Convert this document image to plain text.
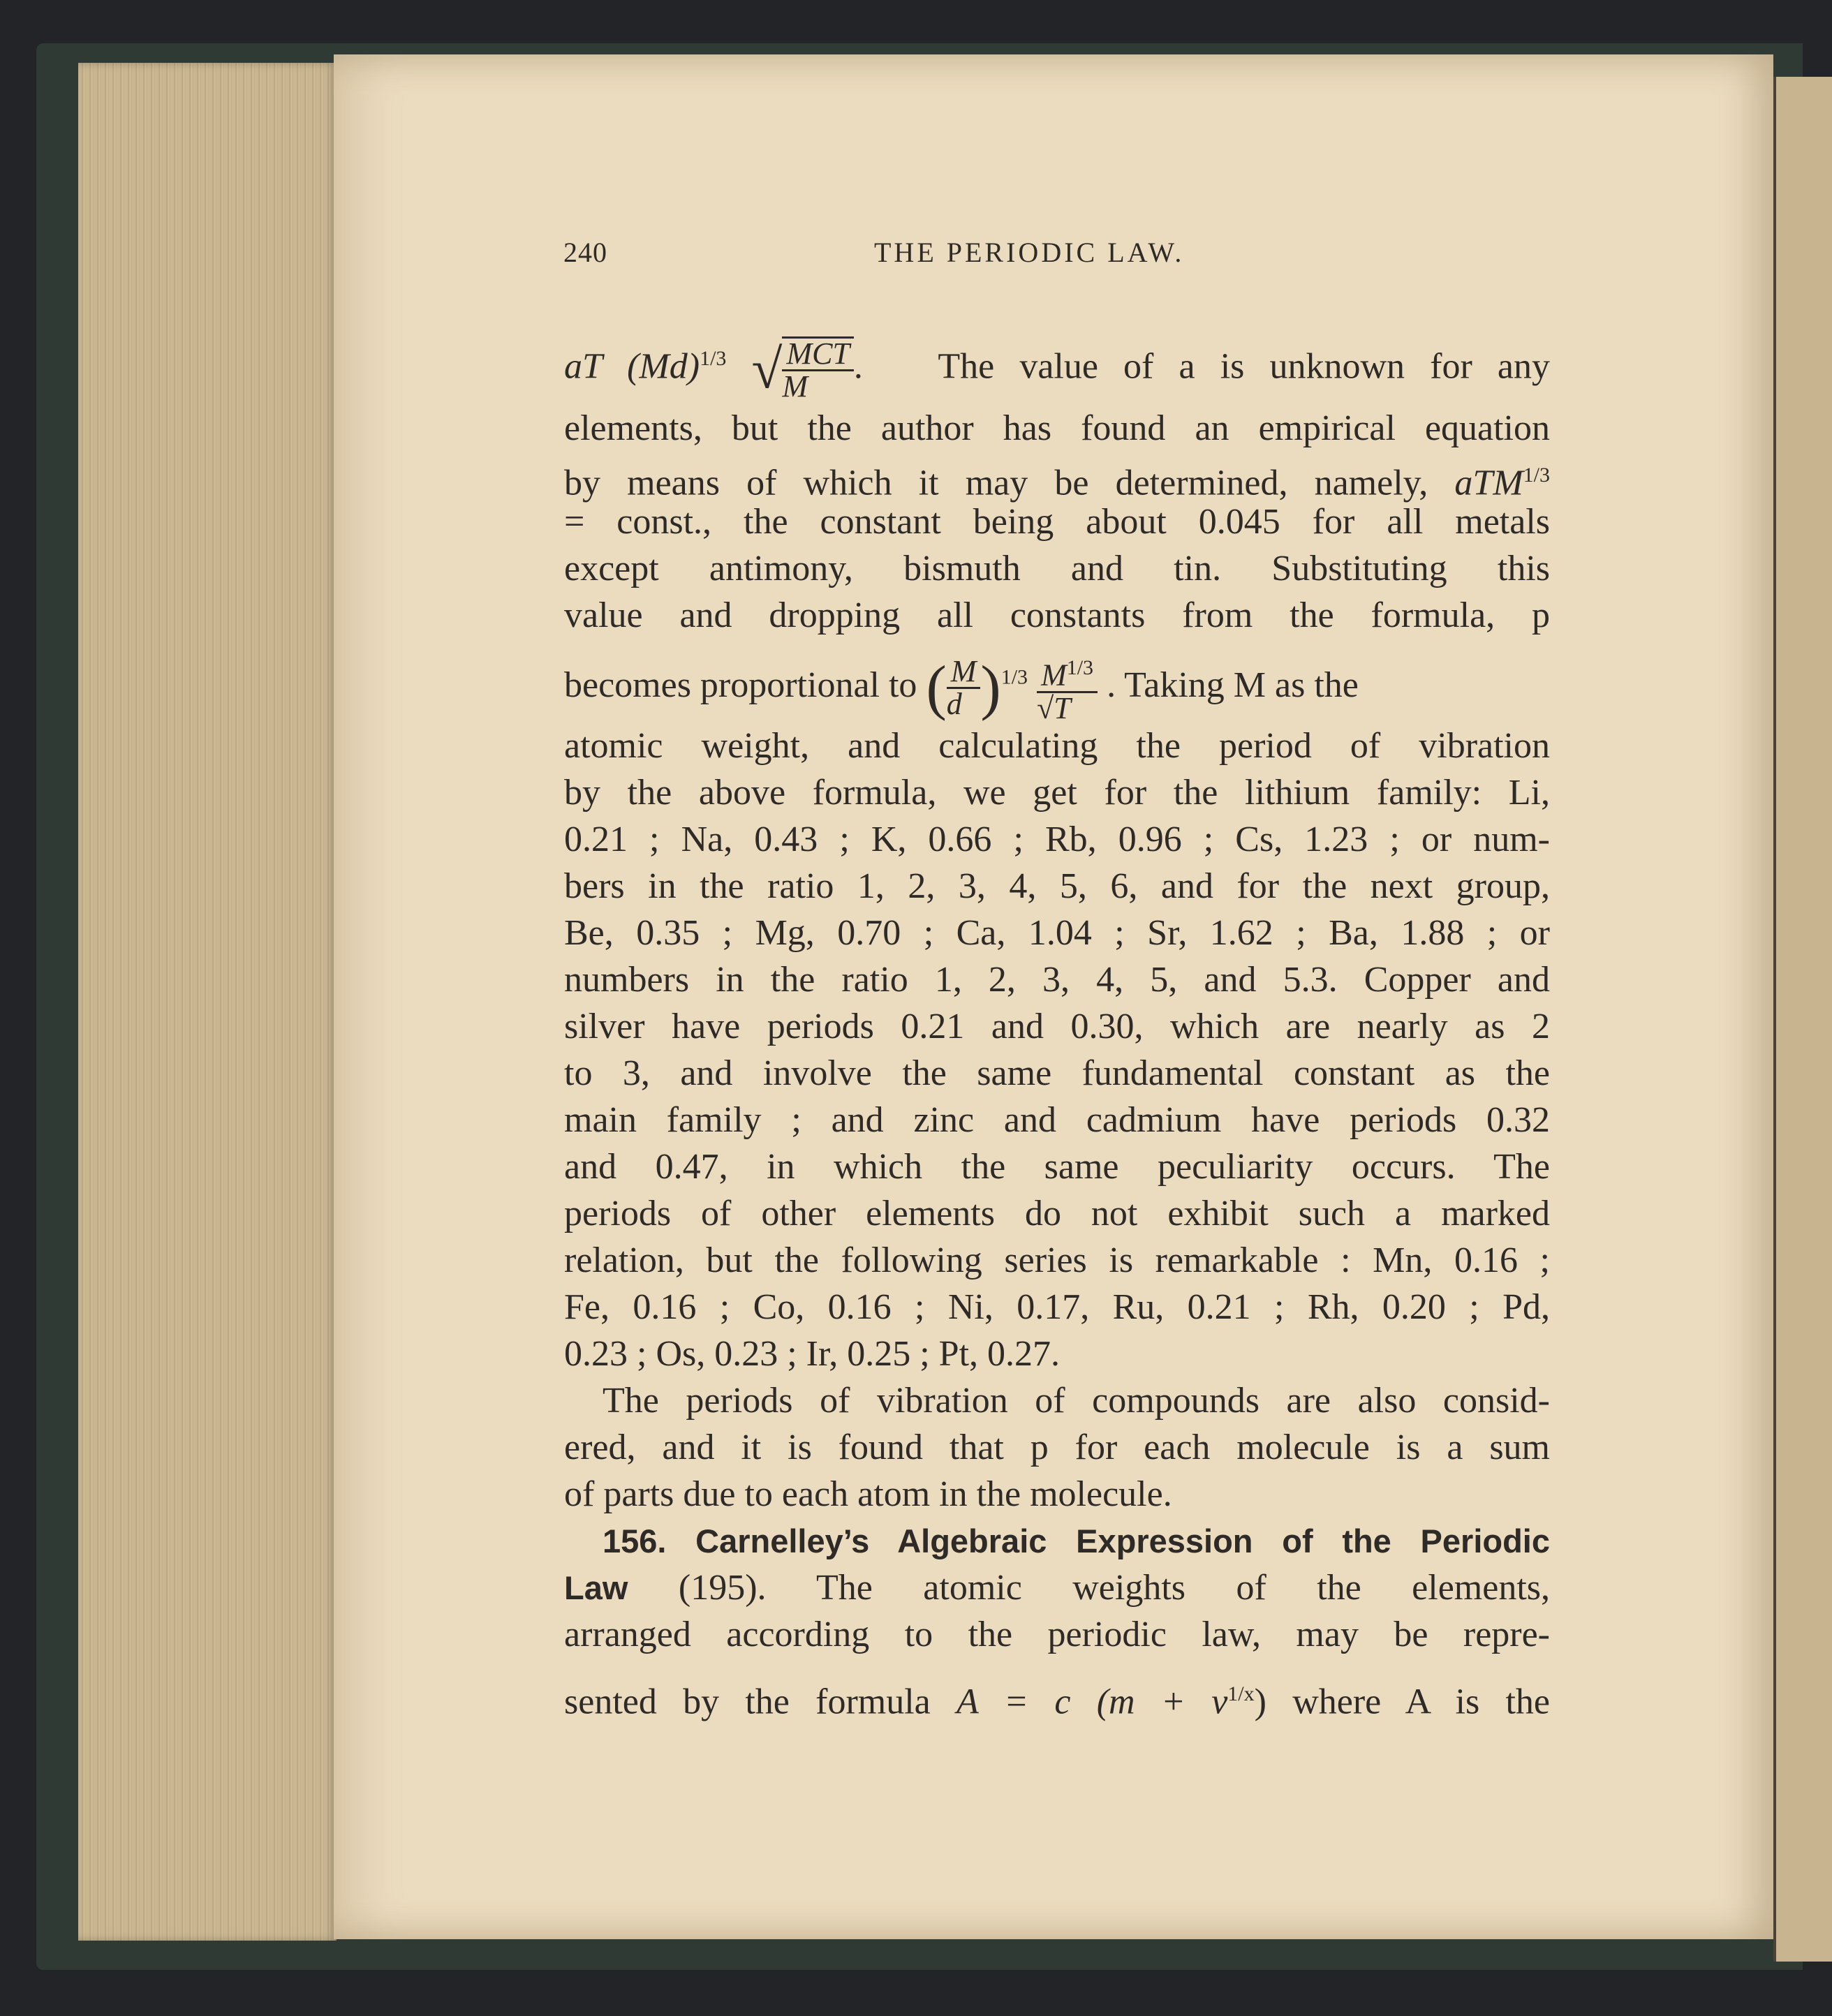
240	THE PERIODIC LAW.
aT $(Md)^{1/3}$ √ MCT
M
.   The value of a is unknown for any
elements, but the author has found an empirical equation
by means of which it may be determined, namely, aTM$^{1/3}$
= const., the constant being about 0.045 for all metals
except antimony, bismuth and tin. Substituting this
value and dropping all constants from the formula, p
becomes proportional to ( $\frac{M}{d} )^{1/3} \frac{M^{1/3}}{√T}$ . Taking M as the
atomic weight, and calculating the period of vibration
by the above formula, we get for the lithium family: Li,
0.21 ; Na, 0.43 ; K, 0.66 ; Rb, 0.96 ; Cs, 1.23 ; or num-
bers in the ratio 1, 2, 3, 4, 5, 6, and for the next group,
Be, 0.35 ; Mg, 0.70 ; Ca, 1.04 ; Sr, 1.62 ; Ba, 1.88 ; or
numbers in the ratio 1, 2, 3, 4, 5, and 5.3. Copper and
silver have periods 0.21 and 0.30, which are nearly as 2
to 3, and involve the same fundamental constant as the
main family ; and zinc and cadmium have periods 0.32
and 0.47, in which the same peculiarity occurs. The
periods of other elements do not exhibit such a marked
relation, but the following series is remarkable : Mn, 0.16 ;
Fe, 0.16 ; Co, 0.16 ; Ni, 0.17, Ru, 0.21 ; Rh, 0.20 ; Pd,
0.23 ; Os, 0.23 ; Ir, 0.25 ; Pt, 0.27.
The periods of vibration of compounds are also consid-
ered, and it is found that p for each molecule is a sum
of parts due to each atom in the molecule.
156. Carnelley’s Algebraic Expression of the Periodic
Law (195). The atomic weights of the elements,
arranged according to the periodic law, may be repre-
sented by the formula A = c $(m + v^{1/x})$ where A is the
